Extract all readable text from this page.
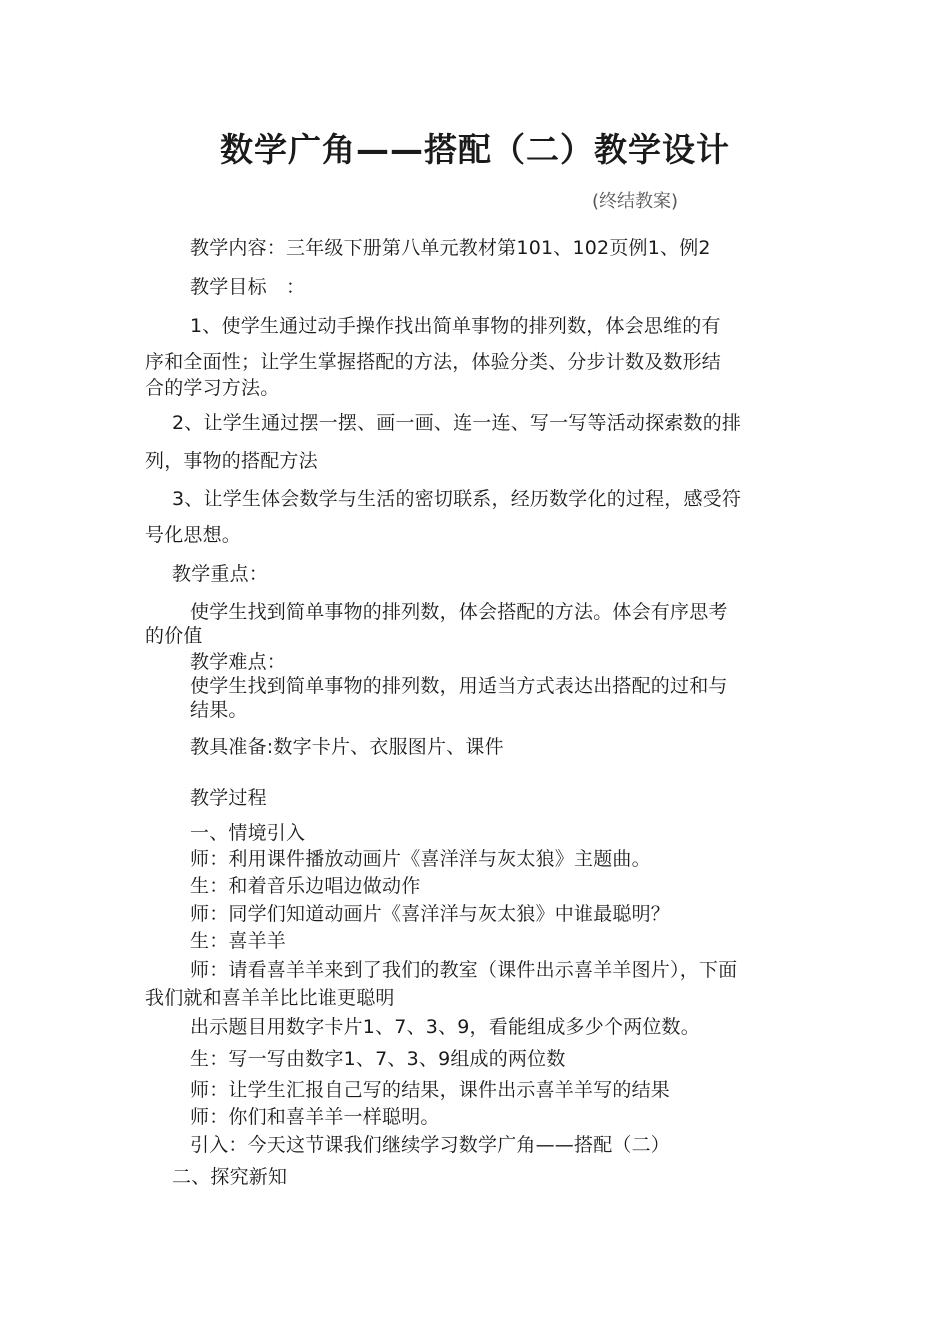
数学广角——搭配（二）教学设计
(终结教案)
教学内容：三年级下册第八单元教材第101、102页例1、例2
教学目标　：
1、使学生通过动手操作找出简单事物的排列数，体会思维的有
序和全面性；让学生掌握搭配的方法，体验分类、分步计数及数形结
合的学习方法。
2、让学生通过摆一摆、画一画、连一连、写一写等活动探索数的排
列，事物的搭配方法
3、让学生体会数学与生活的密切联系，经历数学化的过程，感受符
号化思想。
教学重点：
使学生找到简单事物的排列数，体会搭配的方法。体会有序思考
的价值
教学难点：
使学生找到简单事物的排列数，用适当方式表达出搭配的过和与
结果。
教具准备:数字卡片、衣服图片、课件
教学过程
一、情境引入
师：利用课件播放动画片《喜洋洋与灰太狼》主题曲。
生：和着音乐边唱边做动作
师：同学们知道动画片《喜洋洋与灰太狼》中谁最聪明？
生：喜羊羊
师：请看喜羊羊来到了我们的教室（课件出示喜羊羊图片），下面
我们就和喜羊羊比比谁更聪明
出示题目用数字卡片1、7、3、9，看能组成多少个两位数。
生：写一写由数字1、7、3、9组成的两位数
师：让学生汇报自己写的结果，课件出示喜羊羊写的结果
师：你们和喜羊羊一样聪明。
引入：今天这节课我们继续学习数学广角——搭配（二）
二、探究新知
